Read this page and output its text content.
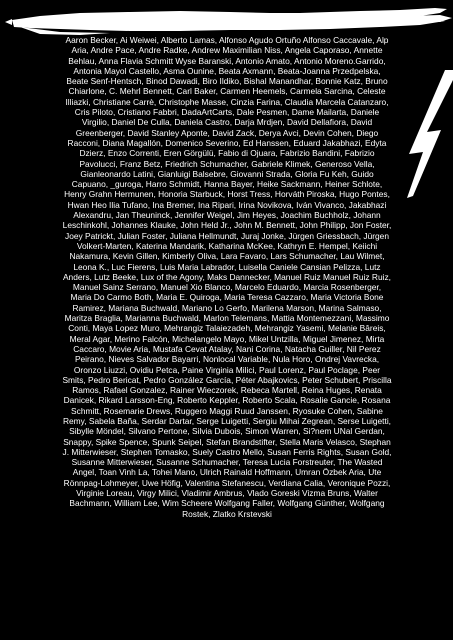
Aaron Becker, Ai Weiwei, Alberto Lamas, Alfonso Agudo Ortuño Alfonso Caccavale, Alp Aria, Andre Pace, Andre Radke, Andrew Maximilian Niss, Angela Caporaso, Annette Behlau, Anna Flavia Schmitt Wyse Baranski, Antonio Amato, Antonio Moreno.Garrido, Antonia Mayol Castello, Asma Ounine, Beata Axmann, Beata-Joanna Przedpelska, Beate Senf-Hentsch, Binod Dawadi, Biro Ildiko, Bishal Manandhar, Bonnie Katz, Bruno Chiarlone, C. Mehrl Bennett, Carl Baker, Carmen Heemels, Carmela Sarcina, Celeste Illiazki, Christiane Carrè, Christophe Masse, Cinzia Farina, Claudia Marcela Catanzaro, Cris Piloto, Cristiano Fabbri, DadaArtCarts, Dale Pesmen, Dame Mailarta, Daniele Virgilio, Daniel De Culla, Daniela Castro, Darja Mrdjen, David Dellafiora, David Greenberger, David Stanley Aponte, David Zack, Derya Avci, Devin Cohen, Diego Racconi, Diana Magallón, Domenico Severino, Ed Hanssen, Eduard Jakabhazi, Edyta Dzierz, Enzo Correnti, Eren Görgülü, Fabio di Ojuara, Fabrizio Bandini, Fabrizio Pavolucci, Franz Betz, Friedrich Schumacher, Gabriele Klimek, Generoso Vella, Gianleonardo Latini, Gianluigi Balsebre, Giovanni Strada, Gloria Fu Keh, Guido Capuano, _guroga, Harro Schmidt, Hanna Bayer, Heike Sackmann, Heiner Schlote, Henry Grahn Hermunen, Honoria Starbuck, Horst Tress, Horváth Piroska, Hugo Pontes, Hwan Heo Ilia Tufano, Ina Bremer, Ina Ripari, Irina Novikova, Iván Vivanco, Jakabhazi Alexandru, Jan Theuninck, Jennifer Weigel, Jim Heyes, Joachim Buchholz, Johann Leschinkohl, Johannes Klauke, John Held Jr., John M. Bennett, John Philipp, Jon Foster, Joey Patrickt, Julian Foster, Juliana Hellmundt, Juraj Jonke, Jürgen Griessbach, Jürgen Volkert-Marten, Katerina Mandarik, Katharina McKee, Kathryn E. Hempel, Keiichi Nakamura, Kevin Gillen, Kimberly Oliva, Lara Favaro, Lars Schumacher, Lau Wilmet, Leona K., Luc Fierens, Luis Maria Labrador, Luisella Caniele Cansian Pelizza, Lutz Anders, Lutz Beeke, Lux of the Agony, Maks Dannecker, Manuel Ruiz Manuel Ruiz Ruiz, Manuel Sainz Serrano, Manuel Xio Blanco, Marcelo Eduardo, Marcia Rosenberger, Maria Do Carmo Both, Maria E. Quiroga, Maria Teresa Cazzaro, Maria Victoria Bone Ramirez, Mariana Buchwald, Mariano Lo Gerfo, Marilena Marson, Marina Salmaso, Maritza Braglia, Marianna Buchwald, Marlon Telemans, Mattia Montemezzani, Massimo Conti, Maya Lopez Muro, Mehrangiz Talaiezadeh, Mehrangiz Yasemi, Melanie Bâreis, Meral Agar, Merino Falcón, Michelangelo Mayo, Mikel Untzilla, Miguel Jimenez, Mirta Caccaro, Movie Aria, Mustafa Cevat Atalay, Nani Corina, Natacha Guiller, Nil Perez Peirano, Nieves Salvador Bayarri, Nonlocal Variable, Nula Horo, Ondrej Vavrecka, Oronzo Liuzzi, Ovidiu Petca, Paine Virginia Milici, Paul Lorenz, Paul Poclage, Peer Smits, Pedro Bericat, Pedro González García, Péter Abajkovics, Peter Schubert, Priscilla Ramos, Rafael Gonzalez, Rainer Wieczorek, Rebeca Martell, Reina Huges, Renata Danicek, Rikard Larsson-Eng, Roberto Keppler, Roberto Scala, Rosalie Gancie, Rosana Schmitt, Rosemarie Drews, Ruggero Maggi Ruud Janssen, Ryosuke Cohen, Sabine Remy, Sabela Baña, Serdar Dartar, Serge Luigetti, Sergiu Mihai Zegrean, Serse Luigetti, Sibylle Möndel, Silvano Pertone, Silvia Dubois, Simon Warren, Si?nem UNal Gerdan, Snappy, Spike Spence, Spunk Seipel, Stefan Brandstifter, Stella Maris Velasco, Stephan J. Mitterwieser, Stephen Tomasko, Suely Castro Mello, Susan Ferris Rights, Susan Gold, Susanne Mitterwieser, Susanne Schumacher, Teresa Lucia Forstreuter, The Wasted Angel, Toan Vinh La, Tohei Mano, Ulrich Rainald Hoffmann, Umran Özbek Aria, Ute Rönnpag-Lohmeyer, Uwe Höfig, Valentina Stefanescu, Verdiana Calia, Veronique Pozzi, Virginie Loreau, Virgy Milici, Vladimir Ambrus, Vlado Goreski Vizma Bruns, Walter Bachmann, William Lee, Wim Scheere Wolfgang Faller, Wolfgang Günther, Wolfgang Rostek, Zlatko Krstevski
